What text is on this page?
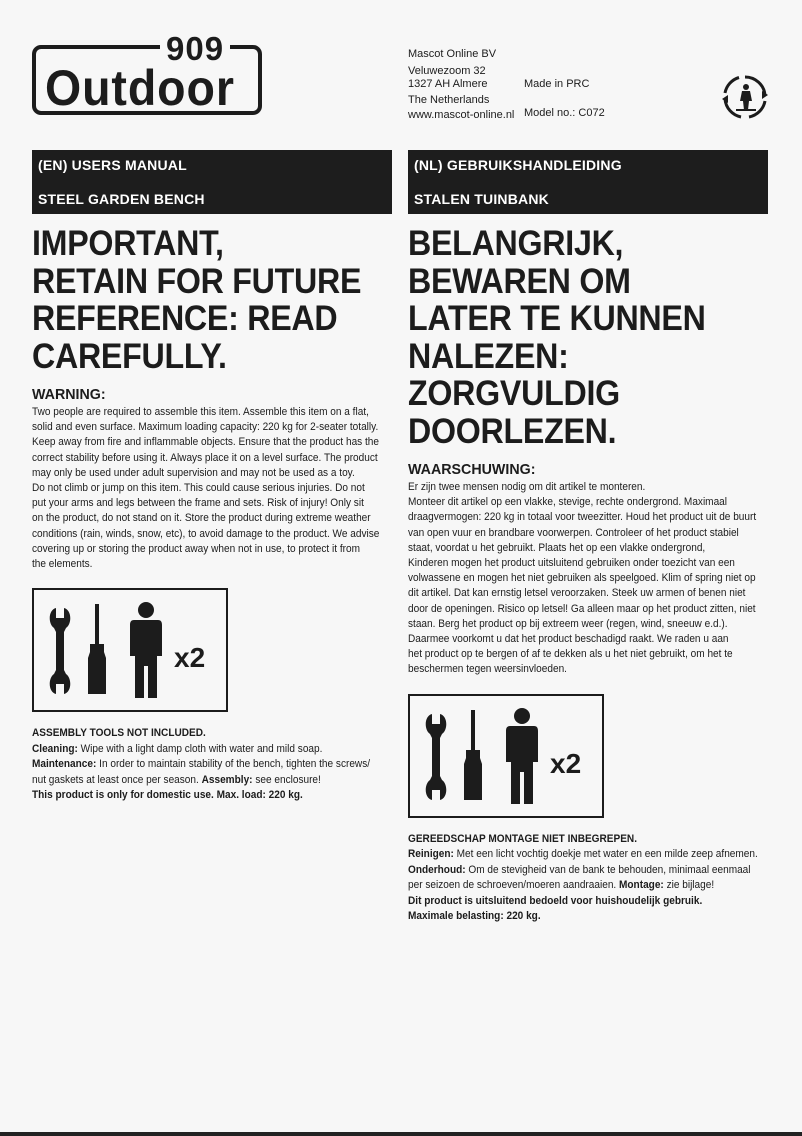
909
Outdoor
Mascot Online BV
Veluwezoom 32
1327 AH Almere
The Netherlands
www.mascot-online.nl
Made in PRC
Model no.: C072
(EN) USERS MANUAL
STEEL GARDEN BENCH
IMPORTANT,
RETAIN FOR FUTURE
REFERENCE: READ
CAREFULLY.
WARNING:

Two people are required to assemble this item. Assemble this item on a flat,

solid and even surface. Maximum loading capacity: 220 kg for 2-seater totally.

Keep away from fire and inflammable objects. Ensure that the product has the

correct stability before using it. Always place it on a level surface. The product

may only be used under adult supervision and may not be used as a toy.

Do not climb or jump on this item. This could cause serious injuries. Do not

put your arms and legs between the frame and sets. Risk of injury! Only sit

on the product, do not stand on it. Store the product during extreme weather

conditions (rain, winds, snow, etc), to avoid damage to the product. We advise

covering up or storing the product away when not in use, to protect it from

the elements.

x2

ASSEMBLY TOOLS NOT INCLUDED.

Cleaning: Wipe with a light damp cloth with water and mild soap.

Maintenance: In order to maintain stability of the bench, tighten the screws/

nut gaskets at least once per season. Assembly: see enclosure!

This product is only for domestic use. Max. load: 220 kg.

(NL) GEBRUIKSHANDLEIDING
STALEN TUINBANK
BELANGRIJK,
BEWAREN OM
LATER TE KUNNEN
NALEZEN: ZORGVULDIG
DOORLEZEN.
WAARSCHUWING:

Er zijn twee mensen nodig om dit artikel te monteren.

Monteer dit artikel op een vlakke, stevige, rechte ondergrond. Maximaal

draagvermogen: 220 kg in totaal voor tweezitter. Houd het product uit de buurt

van open vuur en brandbare voorwerpen. Controleer of het product stabiel

staat, voordat u het gebruikt. Plaats het op een vlakke ondergrond,

Kinderen mogen het product uitsluitend gebruiken onder toezicht van een

volwassene en mogen het niet gebruiken als speelgoed. Klim of spring niet op

dit artikel. Dat kan ernstig letsel veroorzaken. Steek uw armen of benen niet

door de openingen. Risico op letsel! Ga alleen maar op het product zitten, niet

staan. Berg het product op bij extreem weer (regen, wind, sneeuw e.d.).

Daarmee voorkomt u dat het product beschadigd raakt. We raden u aan

het product op te bergen of af te dekken als u het niet gebruikt, om het te

beschermen tegen weersinvloeden.

x2

GEREEDSCHAP MONTAGE NIET INBEGREPEN.

Reinigen: Met een licht vochtig doekje met water en een milde zeep afnemen.

Onderhoud: Om de stevigheid van de bank te behouden, minimaal eenmaal

per seizoen de schroeven/moeren aandraaien. Montage: zie bijlage!

Dit product is uitsluitend bedoeld voor huishoudelijk gebruik.

Maximale belasting: 220 kg.
